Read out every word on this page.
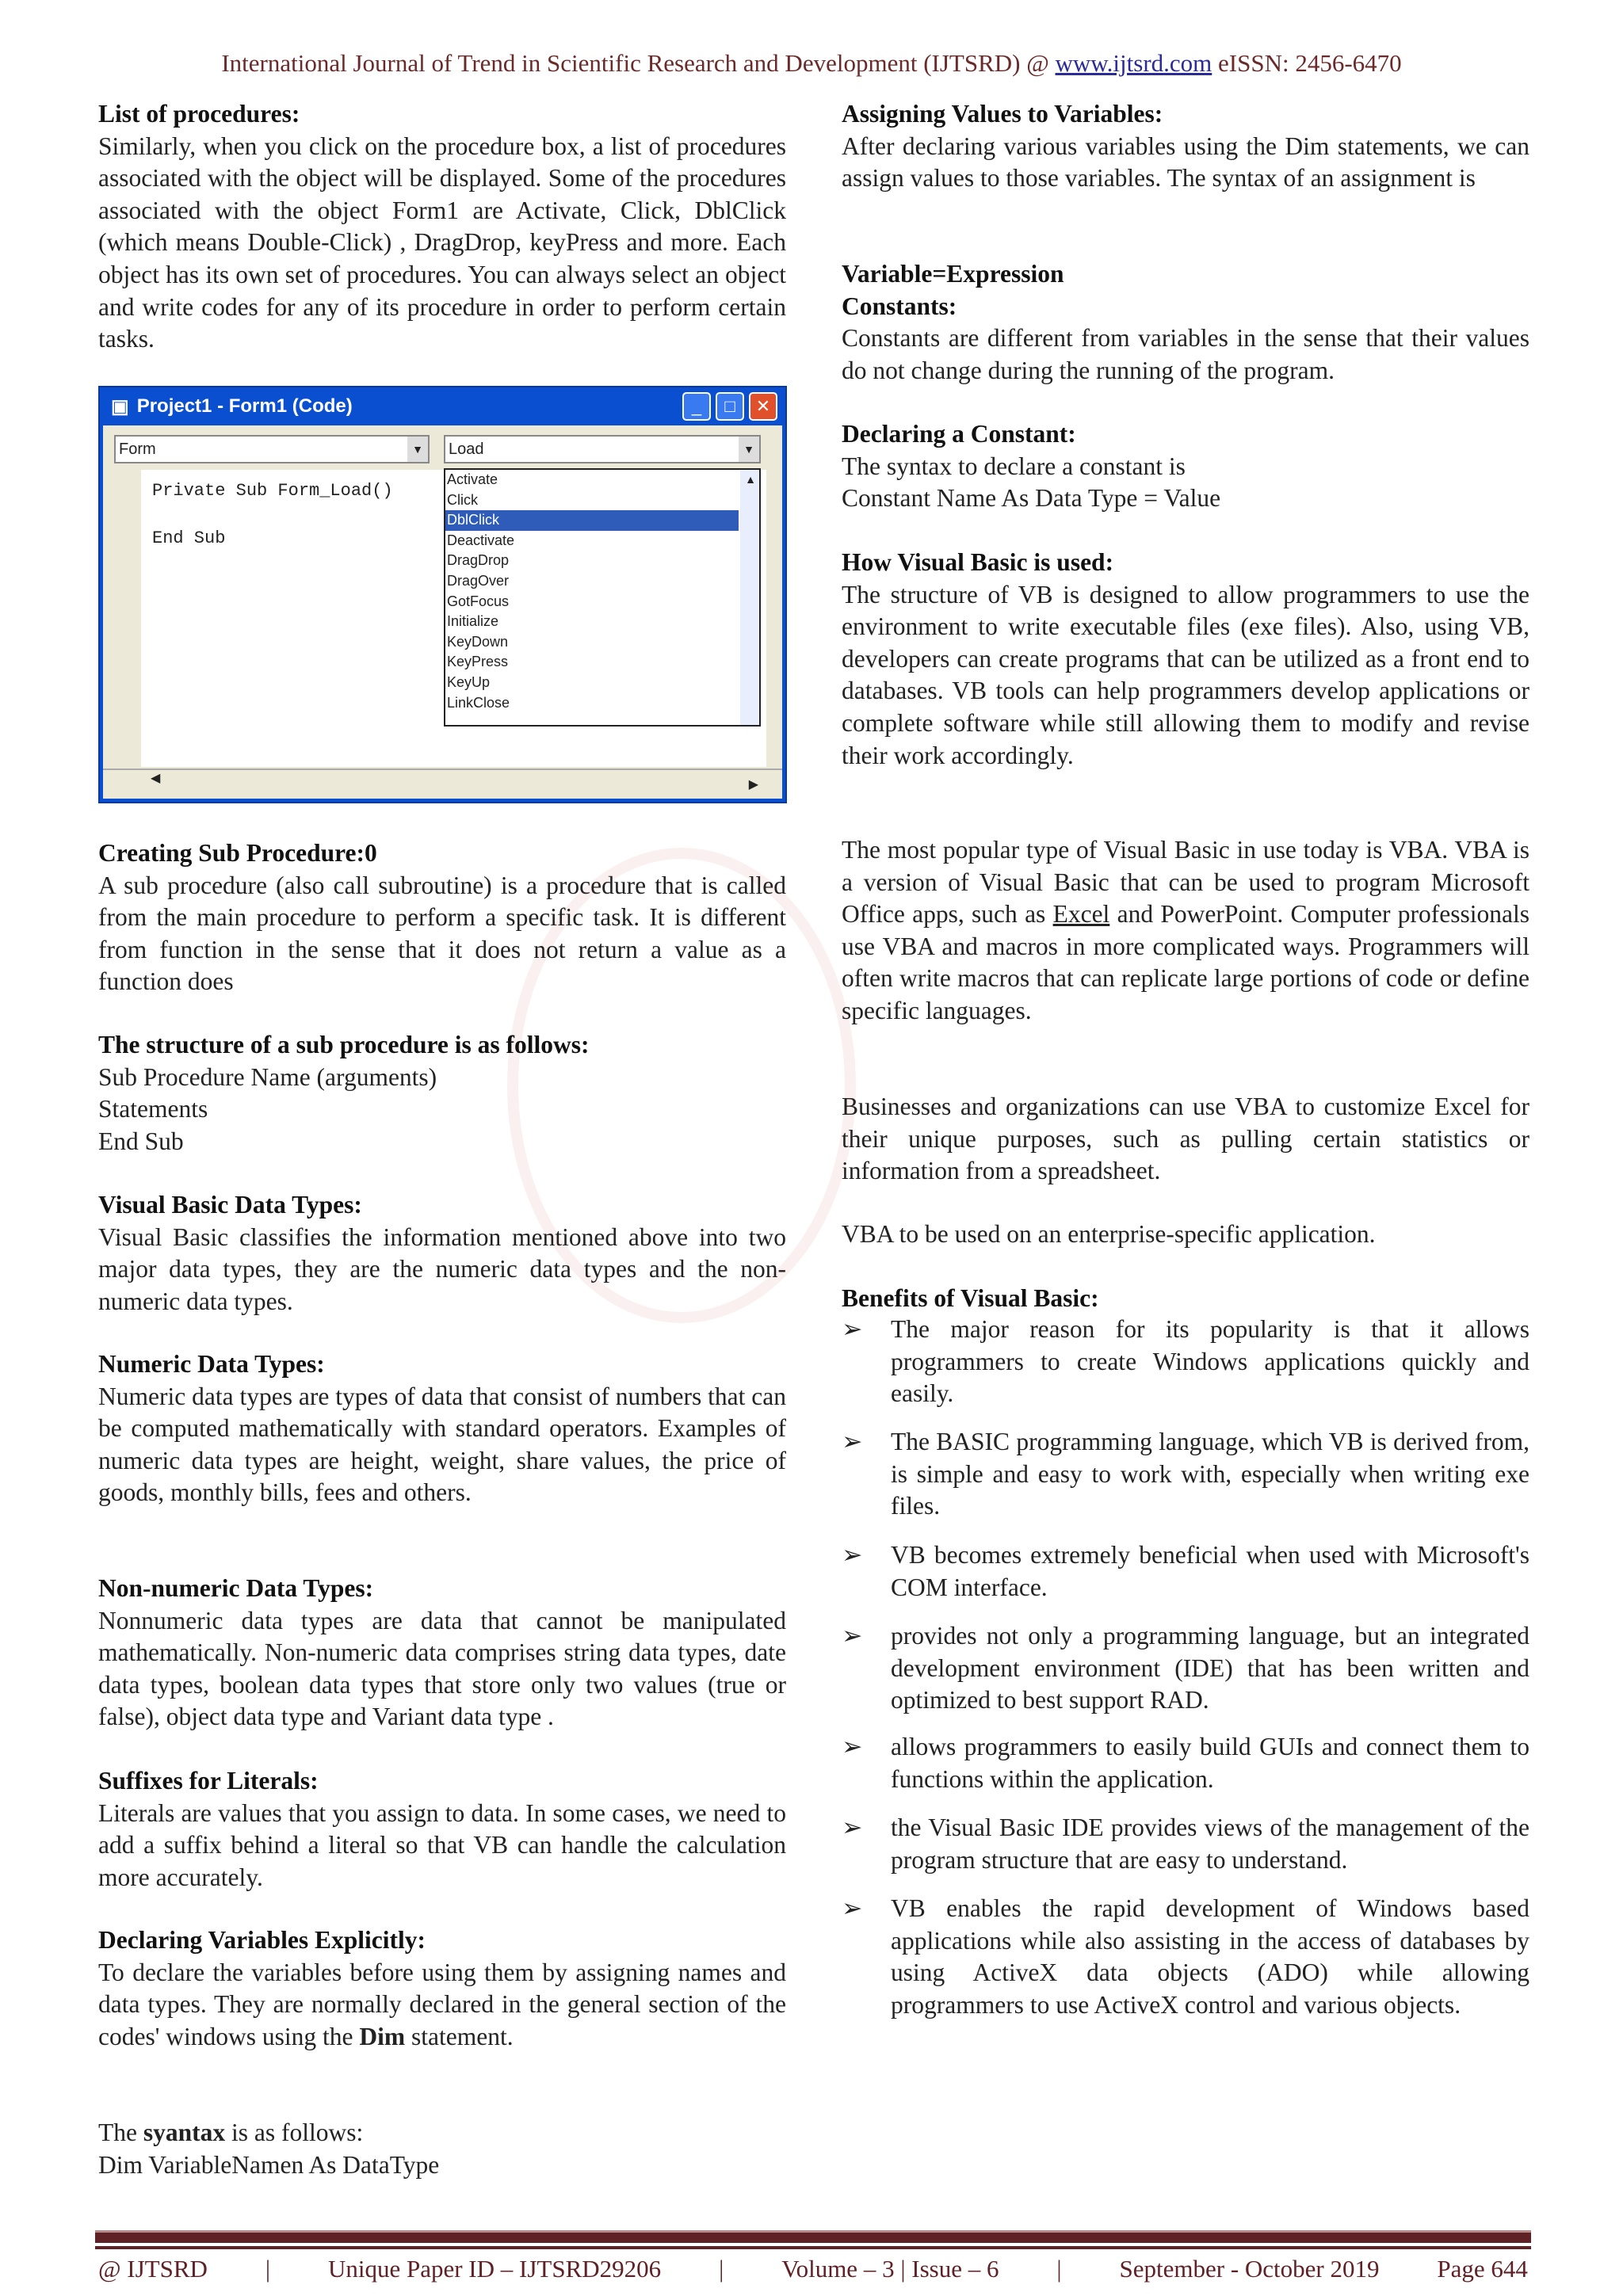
International Journal of Trend in Scientific Research and Development (IJTSRD) @ www.ijtsrd.com eISSN: 2456-6470
List of procedures:
Similarly, when you click on the procedure box, a list of procedures associated with the object will be displayed. Some of the procedures associated with the object Form1 are Activate, Click, DblClick (which means Double-Click) , DragDrop, keyPress and more. Each object has its own set of procedures. You can always select an object and write codes for any of its procedure in order to perform certain tasks.
Creating Sub Procedure:0
A sub procedure (also call subroutine) is a procedure that is called from the main procedure to perform a specific task. It is different from function in the sense that it does not return a value as a function does
The structure of a sub procedure is as follows:
Sub Procedure Name (arguments)
Statements
End Sub
Visual Basic Data Types:
Visual Basic classifies the information mentioned above into two major data types, they are the numeric data types and the non-numeric data types.
Numeric Data Types:
Numeric data types are types of data that consist of numbers that can be computed mathematically with standard operators. Examples of numeric data types are height, weight, share values, the price of goods, monthly bills, fees and others.
Non-numeric Data Types:
Nonnumeric data types are data that cannot be manipulated mathematically. Non-numeric data comprises string data types, date data types, boolean data types that store only two values (true or false), object data type and Variant data type .
Suffixes for Literals:
Literals are values that you assign to data. In some cases, we need to add a suffix behind a literal so that VB can handle the calculation more accurately.
Declaring Variables Explicitly:
To declare the variables before using them by assigning names and data types. They are normally declared in the general section of the codes' windows using the Dim statement.
The syantax is as follows:
Dim VariableNamen As DataType
▣ Project1 - Form1 (Code)	_	□	✕
Form	▼	Load	▼
Private Sub Form_Load()
End Sub
▲
Activate
Click
DblClick
Deactivate
DragDrop
DragOver
GotFocus
Initialize
KeyDown
KeyPress
KeyUp
LinkClose
◀	▶
Assigning Values to Variables:
After declaring various variables using the Dim statements, we can assign values to those variables. The syntax of an assignment is
Variable=Expression
Constants:
Constants are different from variables in the sense that their values do not change during the running of the program.
Declaring a Constant:
The syntax to declare a constant is
Constant Name As Data Type = Value
How Visual Basic is used:
The structure of VB is designed to allow programmers to use the environment to write executable files (exe files). Also, using VB, developers can create programs that can be utilized as a front end to databases. VB tools can help programmers develop applications or complete software while still allowing them to modify and revise their work accordingly.
The most popular type of Visual Basic in use today is VBA. VBA is a version of Visual Basic that can be used to program Microsoft Office apps, such as Excel and PowerPoint. Computer professionals use VBA and macros in more complicated ways. Programmers will often write macros that can replicate large portions of code or define specific languages.
Businesses and organizations can use VBA to customize Excel for their unique purposes, such as pulling certain statistics or information from a spreadsheet.
VBA to be used on an enterprise-specific application.
Benefits of Visual Basic:
➢	The major reason for its popularity is that it allows programmers to create Windows applications quickly and easily.
➢	The BASIC programming language, which VB is derived from, is simple and easy to work with, especially when writing exe files.
➢	VB becomes extremely beneficial when used with Microsoft's COM interface.
➢	provides not only a programming language, but an integrated development environment (IDE) that has been written and optimized to best support RAD.
➢	allows programmers to easily build GUIs and connect them to functions within the application.
➢	the Visual Basic IDE provides views of the management of the program structure that are easy to understand.
➢	VB enables the rapid development of Windows based applications while also assisting in the access of databases by using ActiveX data objects (ADO) while allowing programmers to use ActiveX control and various objects.
@ IJTSRD | Unique Paper ID – IJTSRD29206 | Volume – 3 | Issue – 6 | September - October 2019 Page 644
